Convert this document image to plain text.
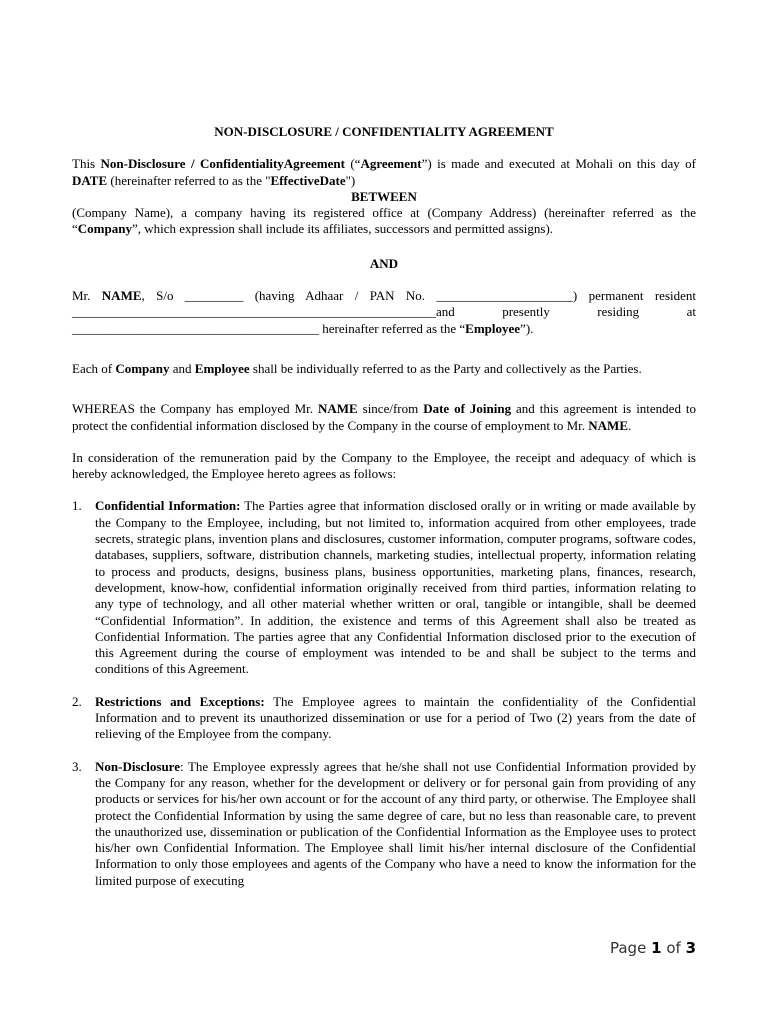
NON-DISCLOSURE / CONFIDENTIALITY AGREEMENT

This Non-Disclosure / ConfidentialityAgreement (“Agreement”) is made and executed at Mohali on this day of DATE (hereinafter referred to as the "EffectiveDate")

BETWEEN

(Company Name), a company having its registered office at (Company Address) (hereinafter referred as the “Company”, which expression shall include its affiliates, successors and permitted assigns).

AND

Mr. NAME, S/o _________ (having Adhaar / PAN No. _____________________) permanent resident

________________________________________________________and presently residing at

______________________________________ hereinafter referred as the “Employee”).

Each of Company and Employee shall be individually referred to as the Party and collectively as the Parties.

WHEREAS the Company has employed Mr. NAME since/from Date of Joining and this agreement is intended to protect the confidential information disclosed by the Company in the course of employment to Mr. NAME.

In consideration of the remuneration paid by the Company to the Employee, the receipt and adequacy of which is hereby acknowledged, the Employee hereto agrees as follows:

1. Confidential Information: The Parties agree that information disclosed orally or in writing or made available by the Company to the Employee, including, but not limited to, information acquired from other employees, trade secrets, strategic plans, invention plans and disclosures, customer information, computer programs, software codes, databases, suppliers, software, distribution channels, marketing studies, intellectual property, information relating to process and products, designs, business plans, business opportunities, marketing plans, finances, research, development, know-how, confidential information originally received from third parties, information relating to any type of technology, and all other material whether written or oral, tangible or intangible, shall be deemed “Confidential Information”. In addition, the existence and terms of this Agreement shall also be treated as Confidential Information. The parties agree that any Confidential Information disclosed prior to the execution of this Agreement during the course of employment was intended to be and shall be subject to the terms and conditions of this Agreement.
2. Restrictions and Exceptions: The Employee agrees to maintain the confidentiality of the Confidential Information and to prevent its unauthorized dissemination or use for a period of Two (2) years from the date of relieving of the Employee from the company.
3. Non-Disclosure: The Employee expressly agrees that he/she shall not use Confidential Information provided by the Company for any reason, whether for the development or delivery or for personal gain from providing of any products or services for his/her own account or for the account of any third party, or otherwise. The Employee shall protect the Confidential Information by using the same degree of care, but no less than reasonable care, to prevent the unauthorized use, dissemination or publication of the Confidential Information as the Employee uses to protect his/her own Confidential Information. The Employee shall limit his/her internal disclosure of the Confidential Information to only those employees and agents of the Company who have a need to know the information for the limited purpose of executing
Page 1 of 3
